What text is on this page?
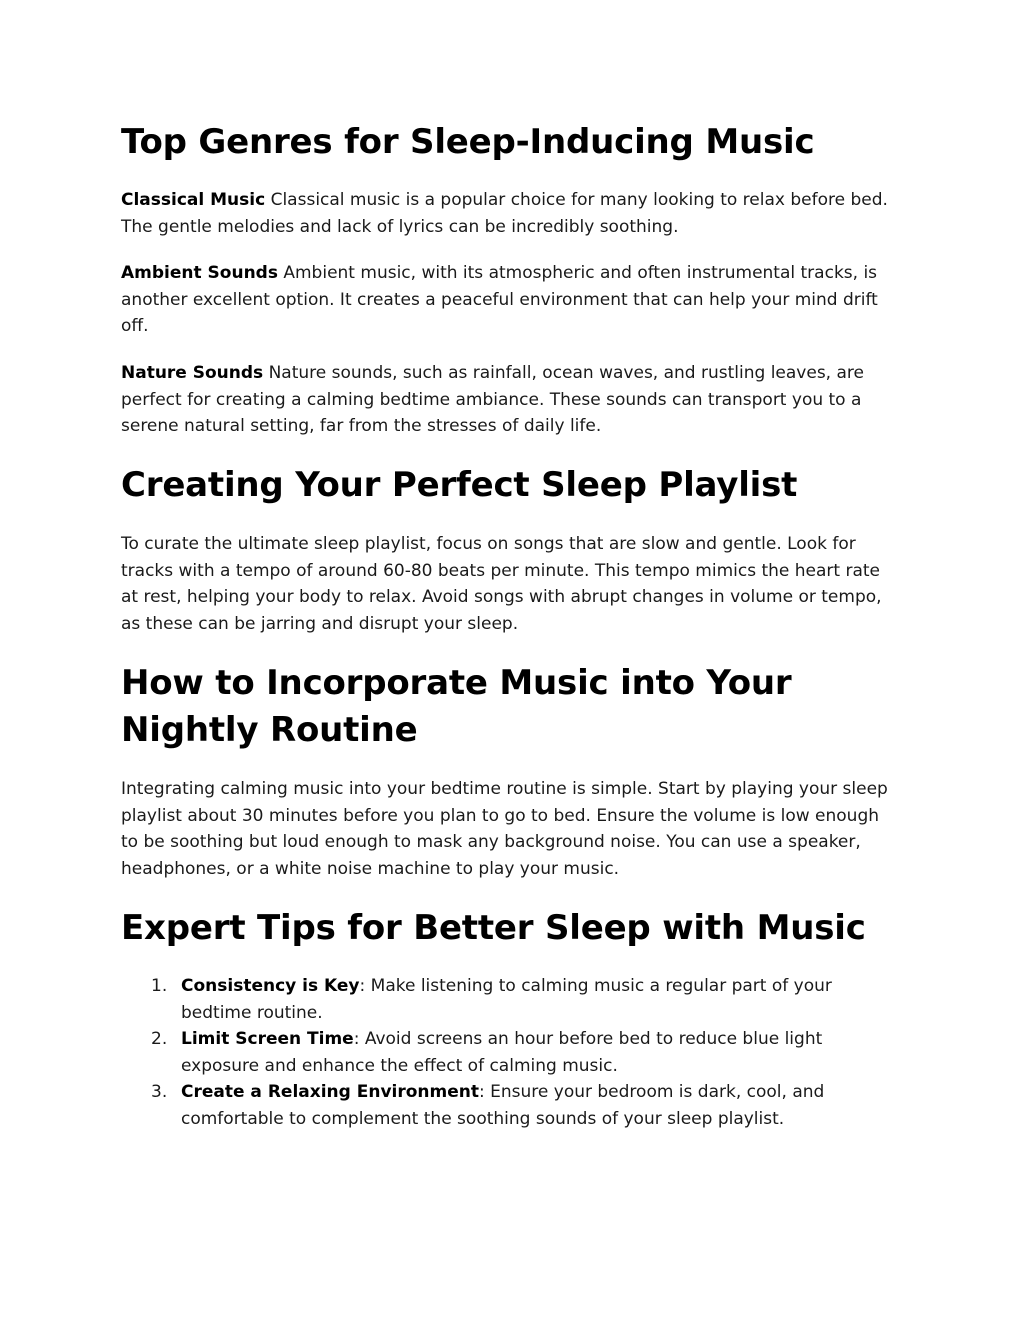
Top Genres for Sleep-Inducing Music

Classical Music Classical music is a popular choice for many looking to relax before bed. The gentle melodies and lack of lyrics can be incredibly soothing.

Ambient Sounds Ambient music, with its atmospheric and often instrumental tracks, is another excellent option. It creates a peaceful environment that can help your mind drift off.

Nature Sounds Nature sounds, such as rainfall, ocean waves, and rustling leaves, are perfect for creating a calming bedtime ambiance. These sounds can transport you to a serene natural setting, far from the stresses of daily life.

Creating Your Perfect Sleep Playlist

To curate the ultimate sleep playlist, focus on songs that are slow and gentle. Look for tracks with a tempo of around 60-80 beats per minute. This tempo mimics the heart rate at rest, helping your body to relax. Avoid songs with abrupt changes in volume or tempo, as these can be jarring and disrupt your sleep.

How to Incorporate Music into Your Nightly Routine

Integrating calming music into your bedtime routine is simple. Start by playing your sleep playlist about 30 minutes before you plan to go to bed. Ensure the volume is low enough to be soothing but loud enough to mask any background noise. You can use a speaker, headphones, or a white noise machine to play your music.

Expert Tips for Better Sleep with Music
1. Consistency is Key: Make listening to calming music a regular part of your bedtime routine.
2. Limit Screen Time: Avoid screens an hour before bed to reduce blue light exposure and enhance the effect of calming music.
3. Create a Relaxing Environment: Ensure your bedroom is dark, cool, and comfortable to complement the soothing sounds of your sleep playlist.
